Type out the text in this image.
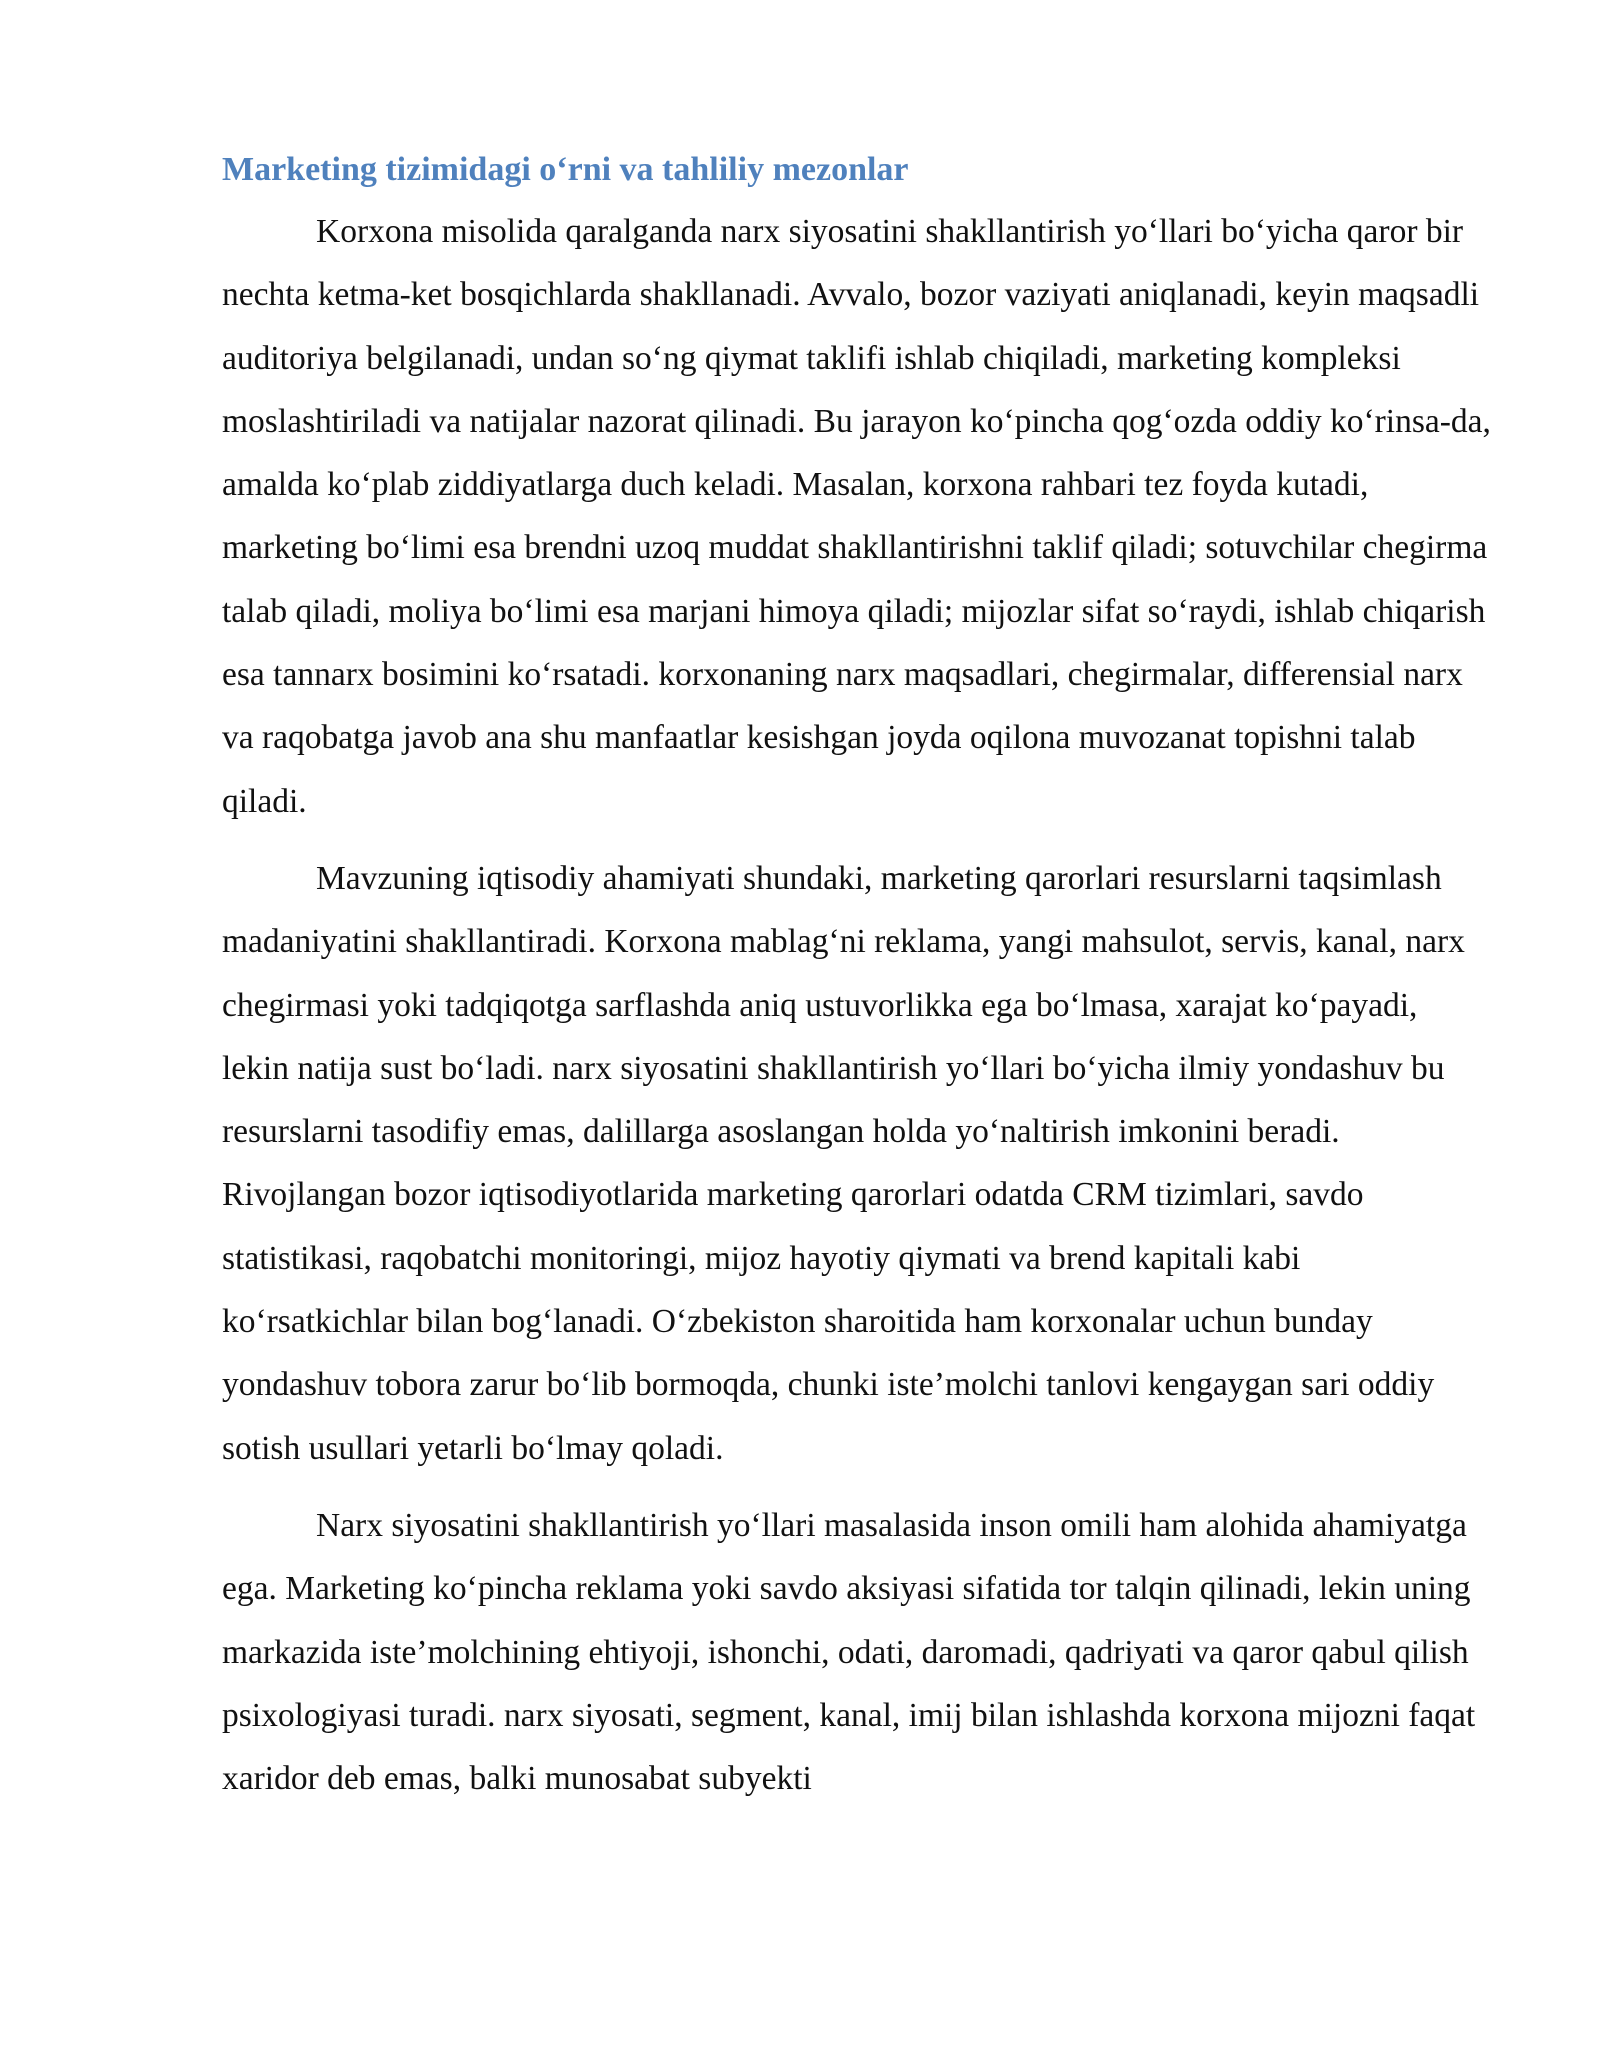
Marketing tizimidagi o‘rni va tahliliy mezonlar

Korxona misolida qaralganda narx siyosatini shakllantirish yo‘llari bo‘yicha qaror bir nechta ketma-ket bosqichlarda shakllanadi. Avvalo, bozor vaziyati aniqlanadi, keyin maqsadli auditoriya belgilanadi, undan so‘ng qiymat taklifi ishlab chiqiladi, marketing kompleksi moslashtiriladi va natijalar nazorat qilinadi. Bu jarayon ko‘pincha qog‘ozda oddiy ko‘rinsa-da, amalda ko‘plab ziddiyatlarga duch keladi. Masalan, korxona rahbari tez foyda kutadi, marketing bo‘limi esa brendni uzoq muddat shakllantirishni taklif qiladi; sotuvchilar chegirma talab qiladi, moliya bo‘limi esa marjani himoya qiladi; mijozlar sifat so‘raydi, ishlab chiqarish esa tannarx bosimini ko‘rsatadi. korxonaning narx maqsadlari, chegirmalar, differensial narx va raqobatga javob ana shu manfaatlar kesishgan joyda oqilona muvozanat topishni talab qiladi.

Mavzuning iqtisodiy ahamiyati shundaki, marketing qarorlari resurslarni taqsimlash madaniyatini shakllantiradi. Korxona mablag‘ni reklama, yangi mahsulot, servis, kanal, narx chegirmasi yoki tadqiqotga sarflashda aniq ustuvorlikka ega bo‘lmasa, xarajat ko‘payadi, lekin natija sust bo‘ladi. narx siyosatini shakllantirish yo‘llari bo‘yicha ilmiy yondashuv bu resurslarni tasodifiy emas, dalillarga asoslangan holda yo‘naltirish imkonini beradi. Rivojlangan bozor iqtisodiyotlarida marketing qarorlari odatda CRM tizimlari, savdo statistikasi, raqobatchi monitoringi, mijoz hayotiy qiymati va brend kapitali kabi ko‘rsatkichlar bilan bog‘lanadi. O‘zbekiston sharoitida ham korxonalar uchun bunday yondashuv tobora zarur bo‘lib bormoqda, chunki iste’molchi tanlovi kengaygan sari oddiy sotish usullari yetarli bo‘lmay qoladi.

Narx siyosatini shakllantirish yo‘llari masalasida inson omili ham alohida ahamiyatga ega. Marketing ko‘pincha reklama yoki savdo aksiyasi sifatida tor talqin qilinadi, lekin uning markazida iste’molchining ehtiyoji, ishonchi, odati, daromadi, qadriyati va qaror qabul qilish psixologiyasi turadi. narx siyosati, segment, kanal, imij bilan ishlashda korxona mijozni faqat xaridor deb emas, balki munosabat subyekti
